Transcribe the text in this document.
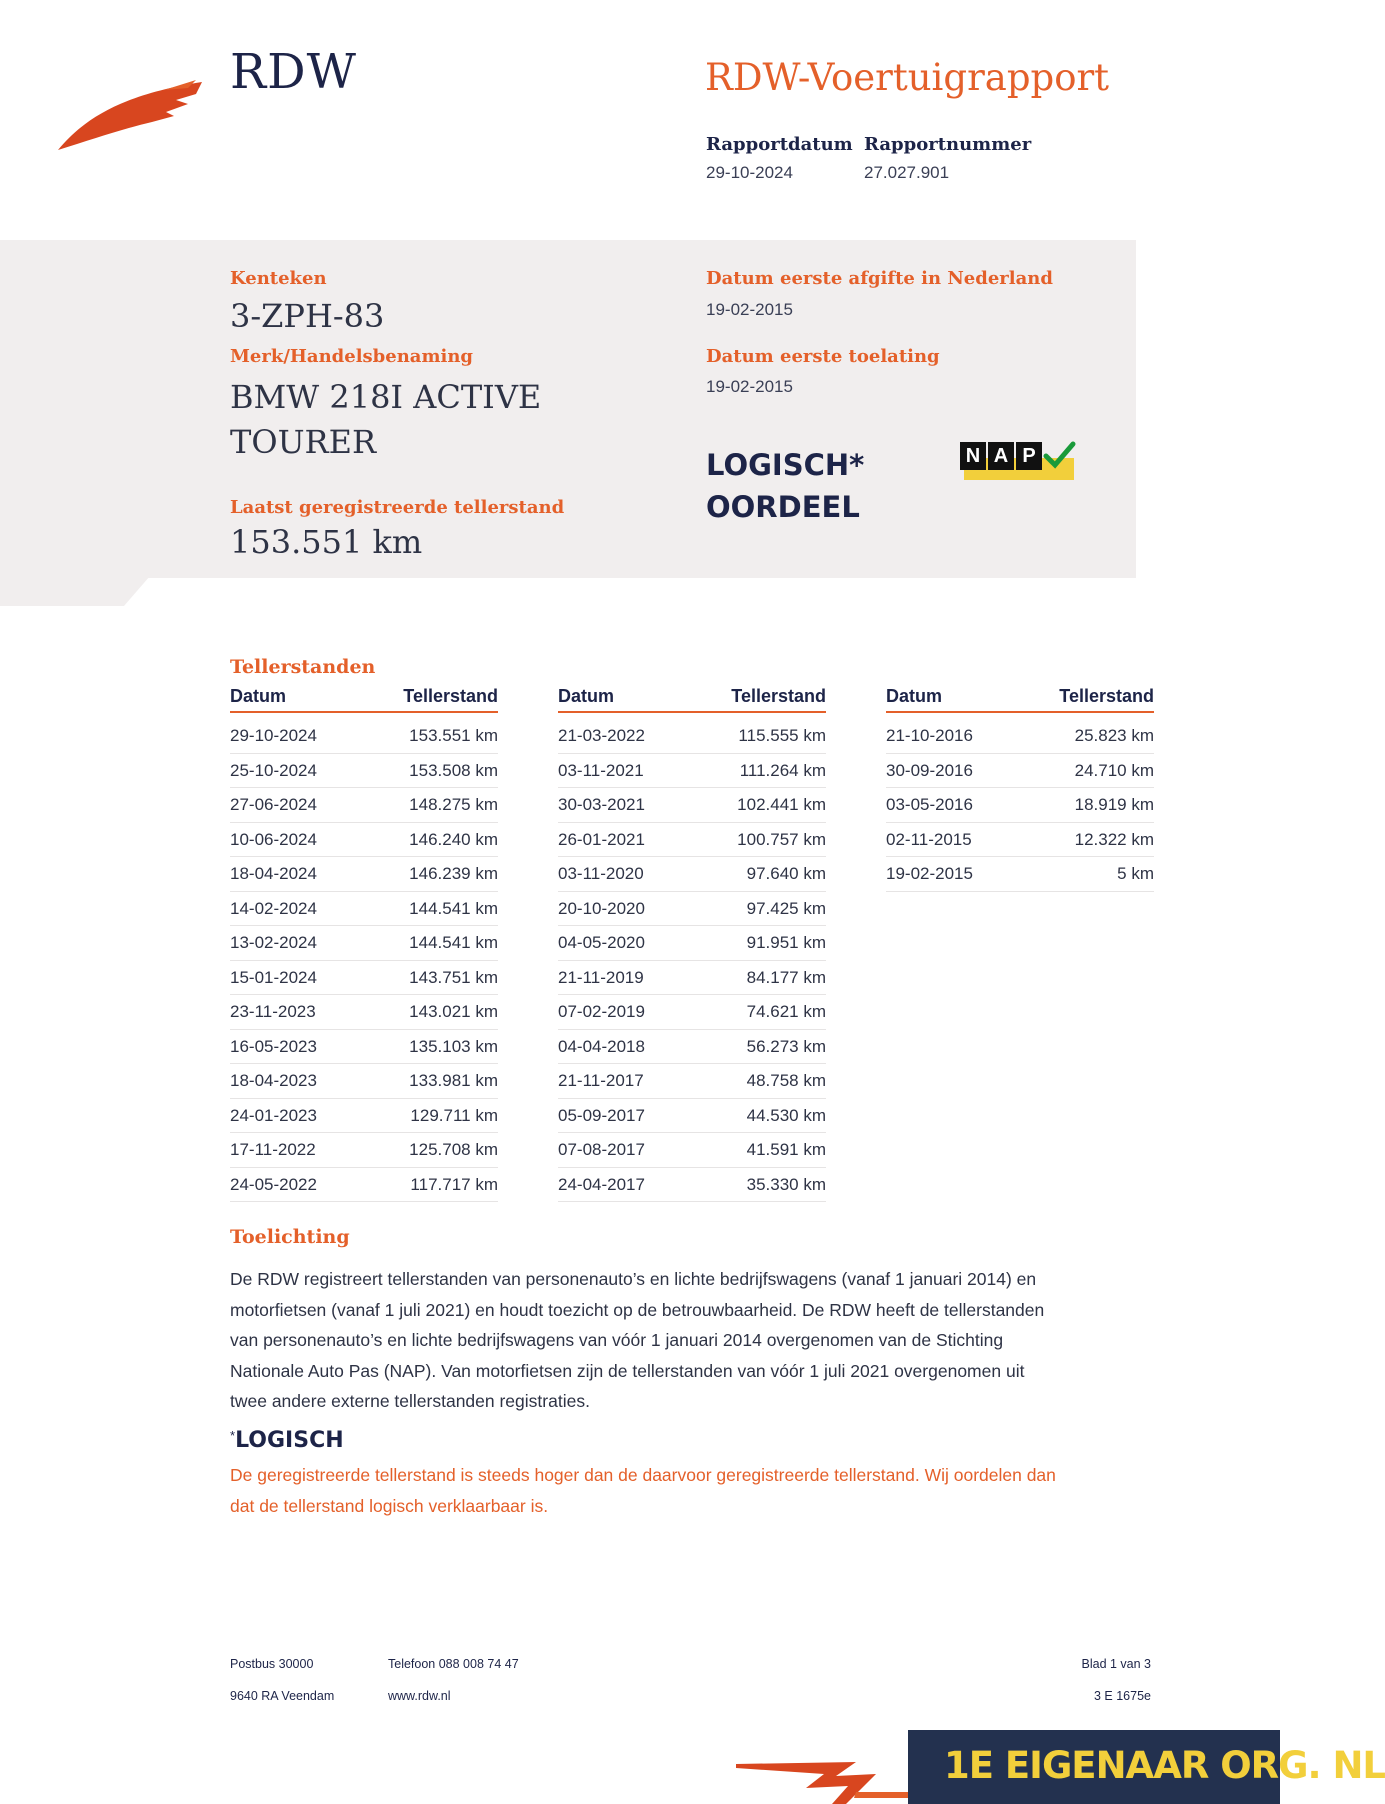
RDW	RDW-Voertuigrapport
Rapportdatum
29-10-2024
Rapportnummer
27.027.901
Kenteken
3-ZPH-83
Merk/Handelsbenaming
BMW 218I ACTIVE
TOURER
Laatst geregistreerde tellerstand
153.551 km
Datum eerste afgifte in Nederland
19-02-2015
Datum eerste toelating
19-02-2015
LOGISCH*
OORDEEL
N A P
Tellerstanden
Datum	Tellerstand
29-10-2024	153.551 km
25-10-2024	153.508 km
27-06-2024	148.275 km
10-06-2024	146.240 km
18-04-2024	146.239 km
14-02-2024	144.541 km
13-02-2024	144.541 km
15-01-2024	143.751 km
23-11-2023	143.021 km
16-05-2023	135.103 km
18-04-2023	133.981 km
24-01-2023	129.711 km
17-11-2022	125.708 km
24-05-2022	117.717 km
Datum	Tellerstand
21-03-2022	115.555 km
03-11-2021	111.264 km
30-03-2021	102.441 km
26-01-2021	100.757 km
03-11-2020	97.640 km
20-10-2020	97.425 km
04-05-2020	91.951 km
21-11-2019	84.177 km
07-02-2019	74.621 km
04-04-2018	56.273 km
21-11-2017	48.758 km
05-09-2017	44.530 km
07-08-2017	41.591 km
24-04-2017	35.330 km
Datum	Tellerstand
21-10-2016	25.823 km
30-09-2016	24.710 km
03-05-2016	18.919 km
02-11-2015	12.322 km
19-02-2015	5 km
Toelichting
De RDW registreert tellerstanden van personenauto’s en lichte bedrijfswagens (vanaf 1 januari 2014) en
motorfietsen (vanaf 1 juli 2021) en houdt toezicht op de betrouwbaarheid. De RDW heeft de tellerstanden
van personenauto’s en lichte bedrijfswagens van vóór 1 januari 2014 overgenomen van de Stichting
Nationale Auto Pas (NAP). Van motorfietsen zijn de tellerstanden van vóór 1 juli 2021 overgenomen uit
twee andere externe tellerstanden registraties.
*LOGISCH
De geregistreerde tellerstand is steeds hoger dan de daarvoor geregistreerde tellerstand. Wij oordelen dan
dat de tellerstand logisch verklaarbaar is.
Postbus 30000
9640 RA Veendam
Telefoon 088 008 74 47
www.rdw.nl
Blad 1 van 3
3 E 1675e
1E EIGENAAR ORG. NL
